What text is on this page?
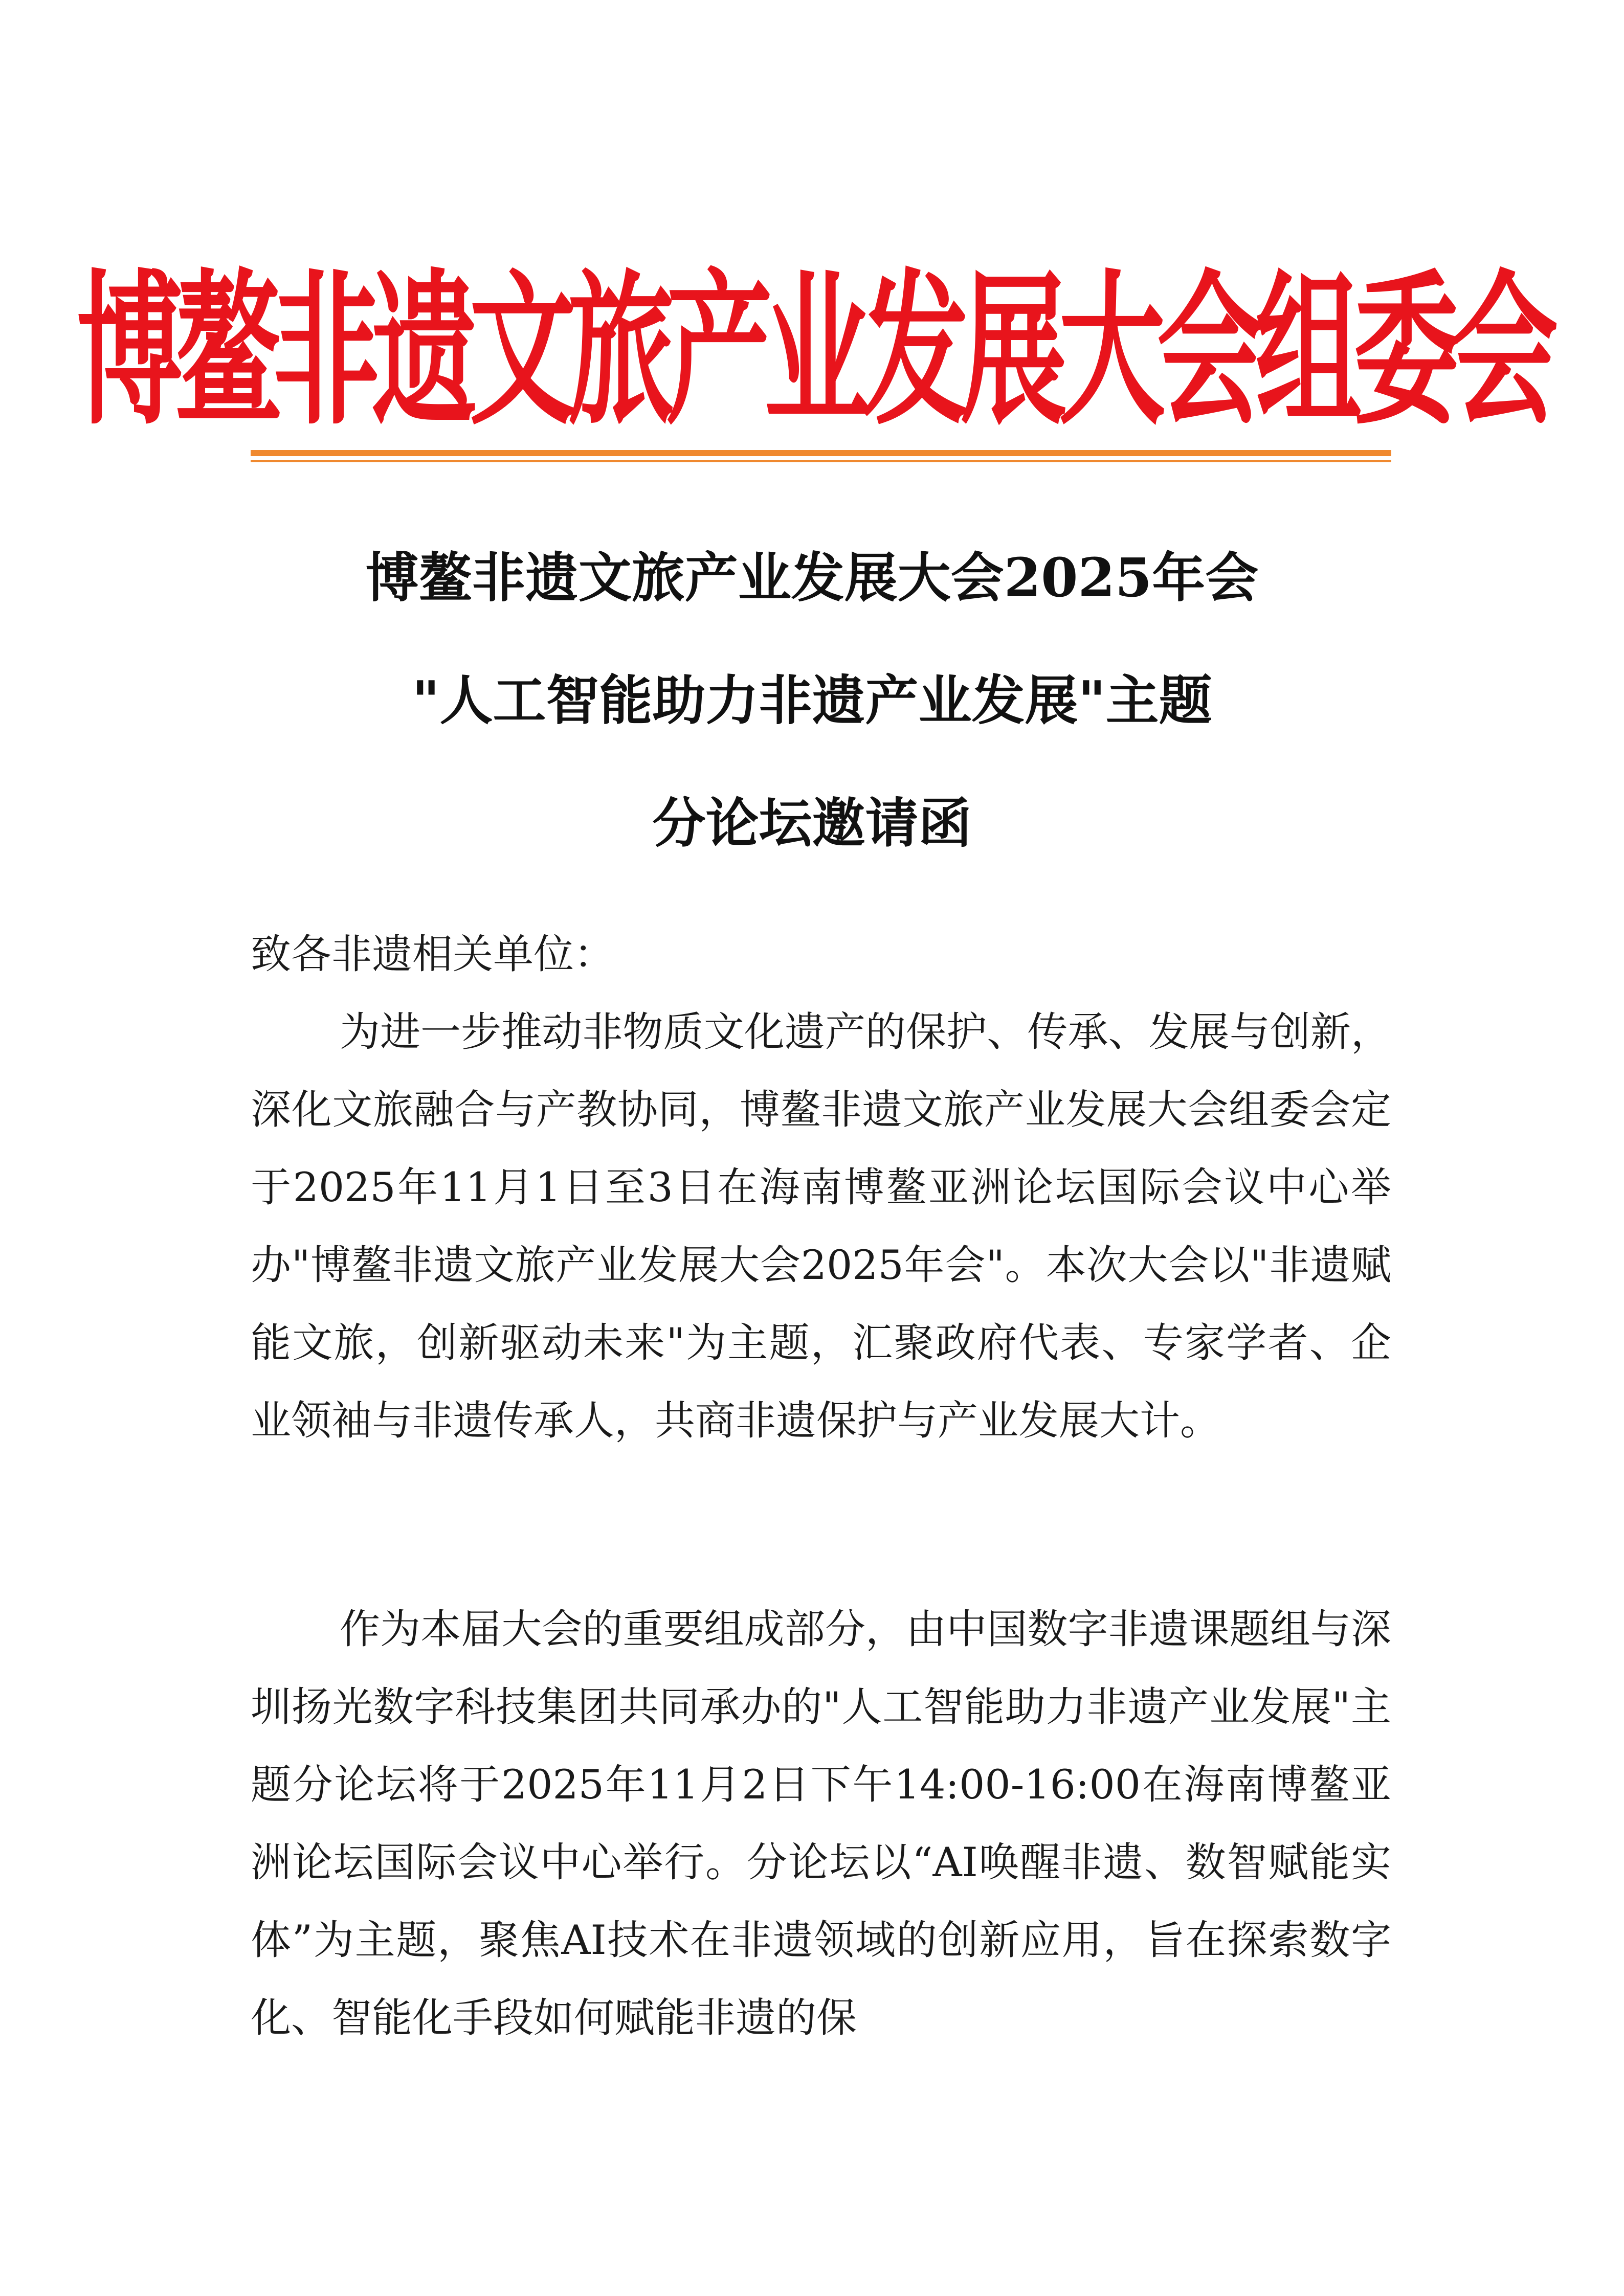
博鳌非遗文旅产业发展大会组委会
博鳌非遗文旅产业发展大会2025年会
"人工智能助力非遗产业发展"主题
分论坛邀请函

致各非遗相关单位：

为进一步推动非物质文化遗产的保护、传承、发展与创新，深化文旅融合与产教协同，博鳌非遗文旅产业发展大会组委会定于2025年11月1日至3日在海南博鳌亚洲论坛国际会议中心举办"博鳌非遗文旅产业发展大会2025年会"。本次大会以"非遗赋能文旅，创新驱动未来"为主题，汇聚政府代表、专家学者、企业领袖与非遗传承人，共商非遗保护与产业发展大计。

作为本届大会的重要组成部分，由中国数字非遗课题组与深圳扬光数字科技集团共同承办的"人工智能助力非遗产业发展"主题分论坛将于2025年11月2日下午14:00-16:00在海南博鳌亚洲论坛国际会议中心举行。分论坛以“AI唤醒非遗、数智赋能实体”为主题，聚焦AI技术在非遗领域的创新应用，旨在探索数字化、智能化手段如何赋能非遗的保
